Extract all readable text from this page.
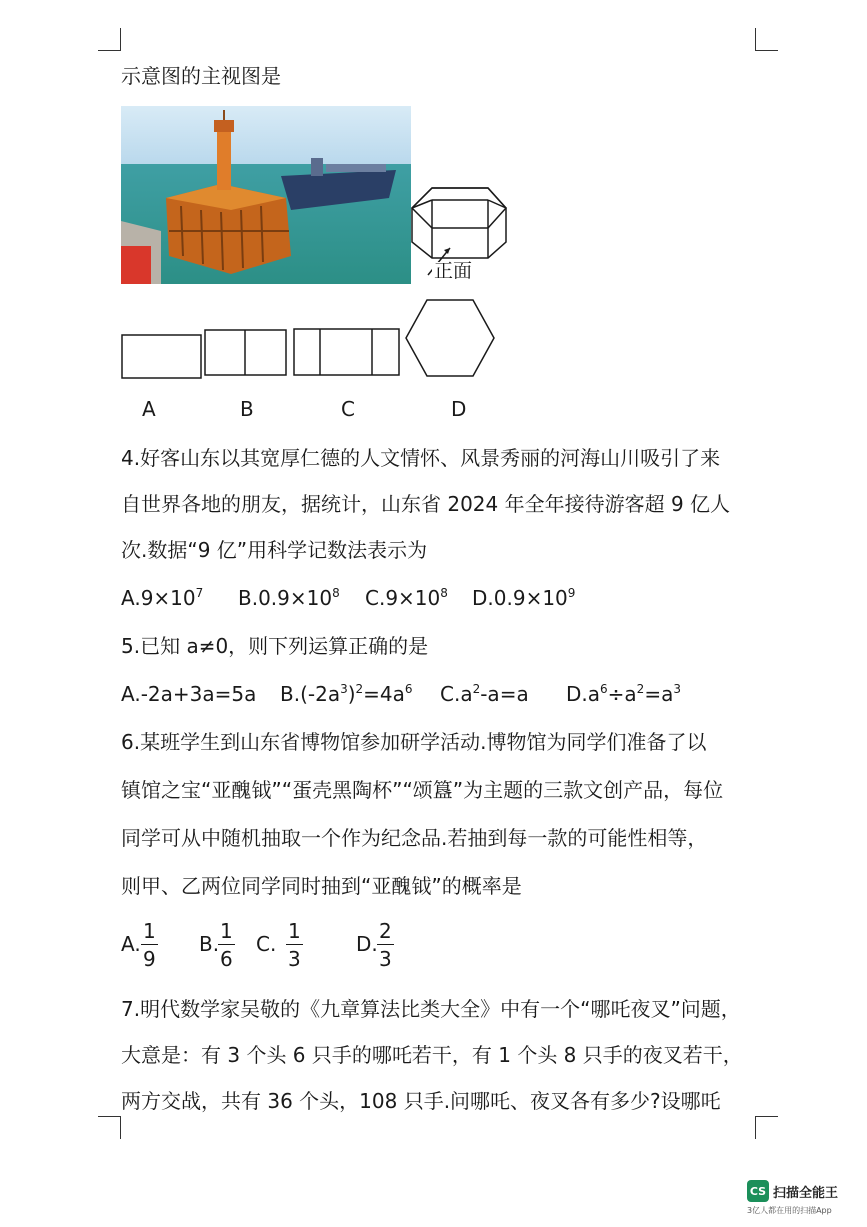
示意图的主视图是
正面
A	B	C	D
4.好客山东以其宽厚仁德的人文情怀、风景秀丽的河海山川吸引了来
自世界各地的朋友，据统计，山东省 2024 年全年接待游客超 9 亿人
次.数据“9 亿”用科学记数法表示为
$A.9\times 10^7$ $B.0.9\times 10^8$ $C.9\times 10^8$ $D.0.9\times 10^9$
5.已知 a≠0，则下列运算正确的是
A.-2a+3a=5a $B.(-2a^3)^2=4a^6$ $C.a^2-a=a$ $D.a^6\div a^2=a^3$
6.某班学生到山东省博物馆参加研学活动.博物馆为同学们准备了以
镇馆之宝“亚醜钺”“蛋壳黑陶杯”“颂簋”为主题的三款文创产品，每位
同学可从中随机抽取一个作为纪念品.若抽到每一款的可能性相等，
则甲、乙两位同学同时抽到“亚醜钺”的概率是
A. $\frac{1}{9} B$.
$\frac{1}{6} C$. $\frac{1}{3}$	D. $\frac{2}{3}$
7.明代数学家吴敬的《九章算法比类大全》中有一个“哪吒夜叉”问题，
大意是：有 3 个头 6 只手的哪吒若干，有 1 个头 8 只手的夜叉若干，
两方交战，共有 36 个头，108 只手.问哪吒、夜叉各有多少?设哪吒
CS 扫描全能王
3亿人都在用的扫描App
